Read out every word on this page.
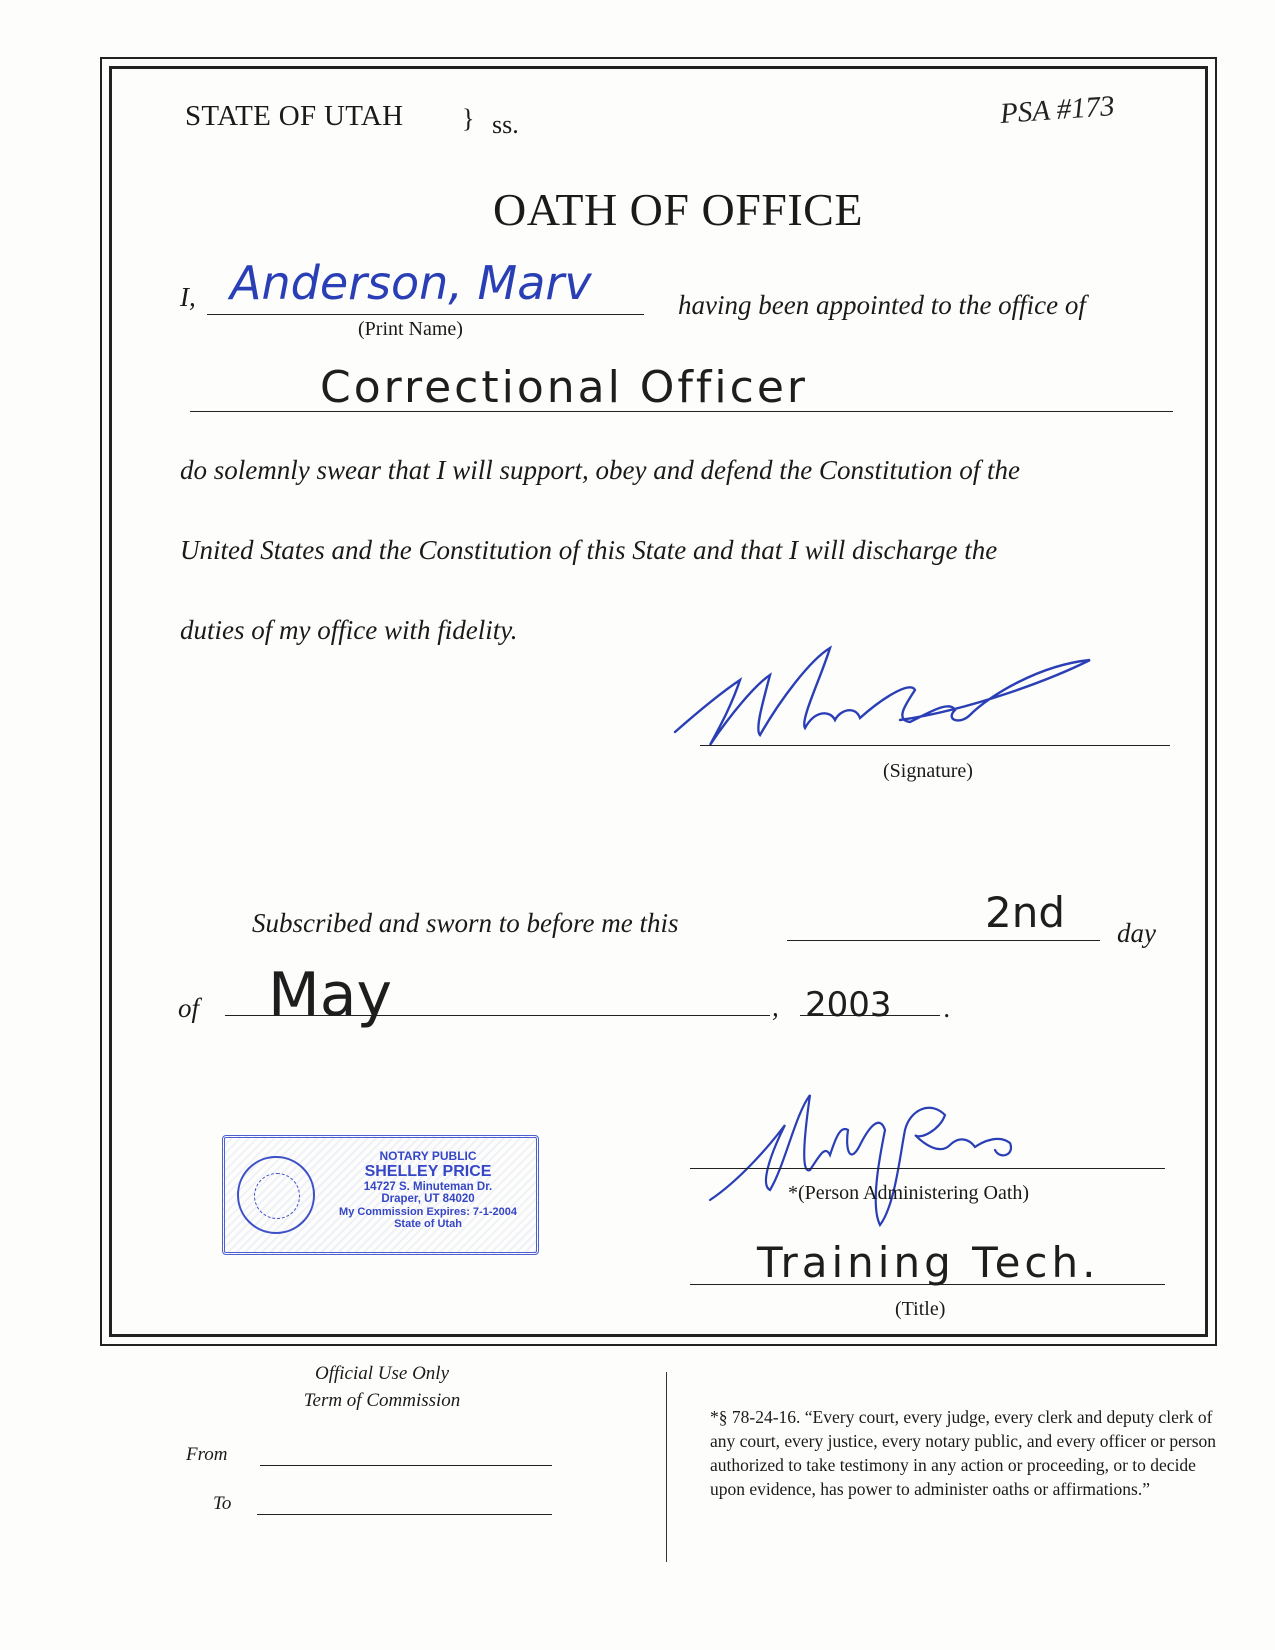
STATE OF UTAH } ss.	PSA #173
OATH OF OFFICE
I, Anderson, Marv
(Print Name)
having been appointed to the office of
Correctional Officer
do solemnly swear that I will support, obey and defend the Constitution of the
United States and the Constitution of this State and that I will discharge the
duties of my office with fidelity.
(Signature)
Subscribed and sworn to before me this	2nd day
of May	, 2003 .
NOTARY PUBLIC
SHELLEY PRICE
14727 S. Minuteman Dr.
Draper, UT 84020
My Commission Expires: 7-1-2004
State of Utah
*(Person Administering Oath)
Training Tech.
(Title)
Official Use Only
Term of Commission
From
To
*§ 78-24-16. “Every court, every judge, every clerk and deputy clerk of any court, every justice, every notary public, and every officer or person authorized to take testimony in any action or proceeding, or to decide upon evidence, has power to administer oaths or affirmations.”
